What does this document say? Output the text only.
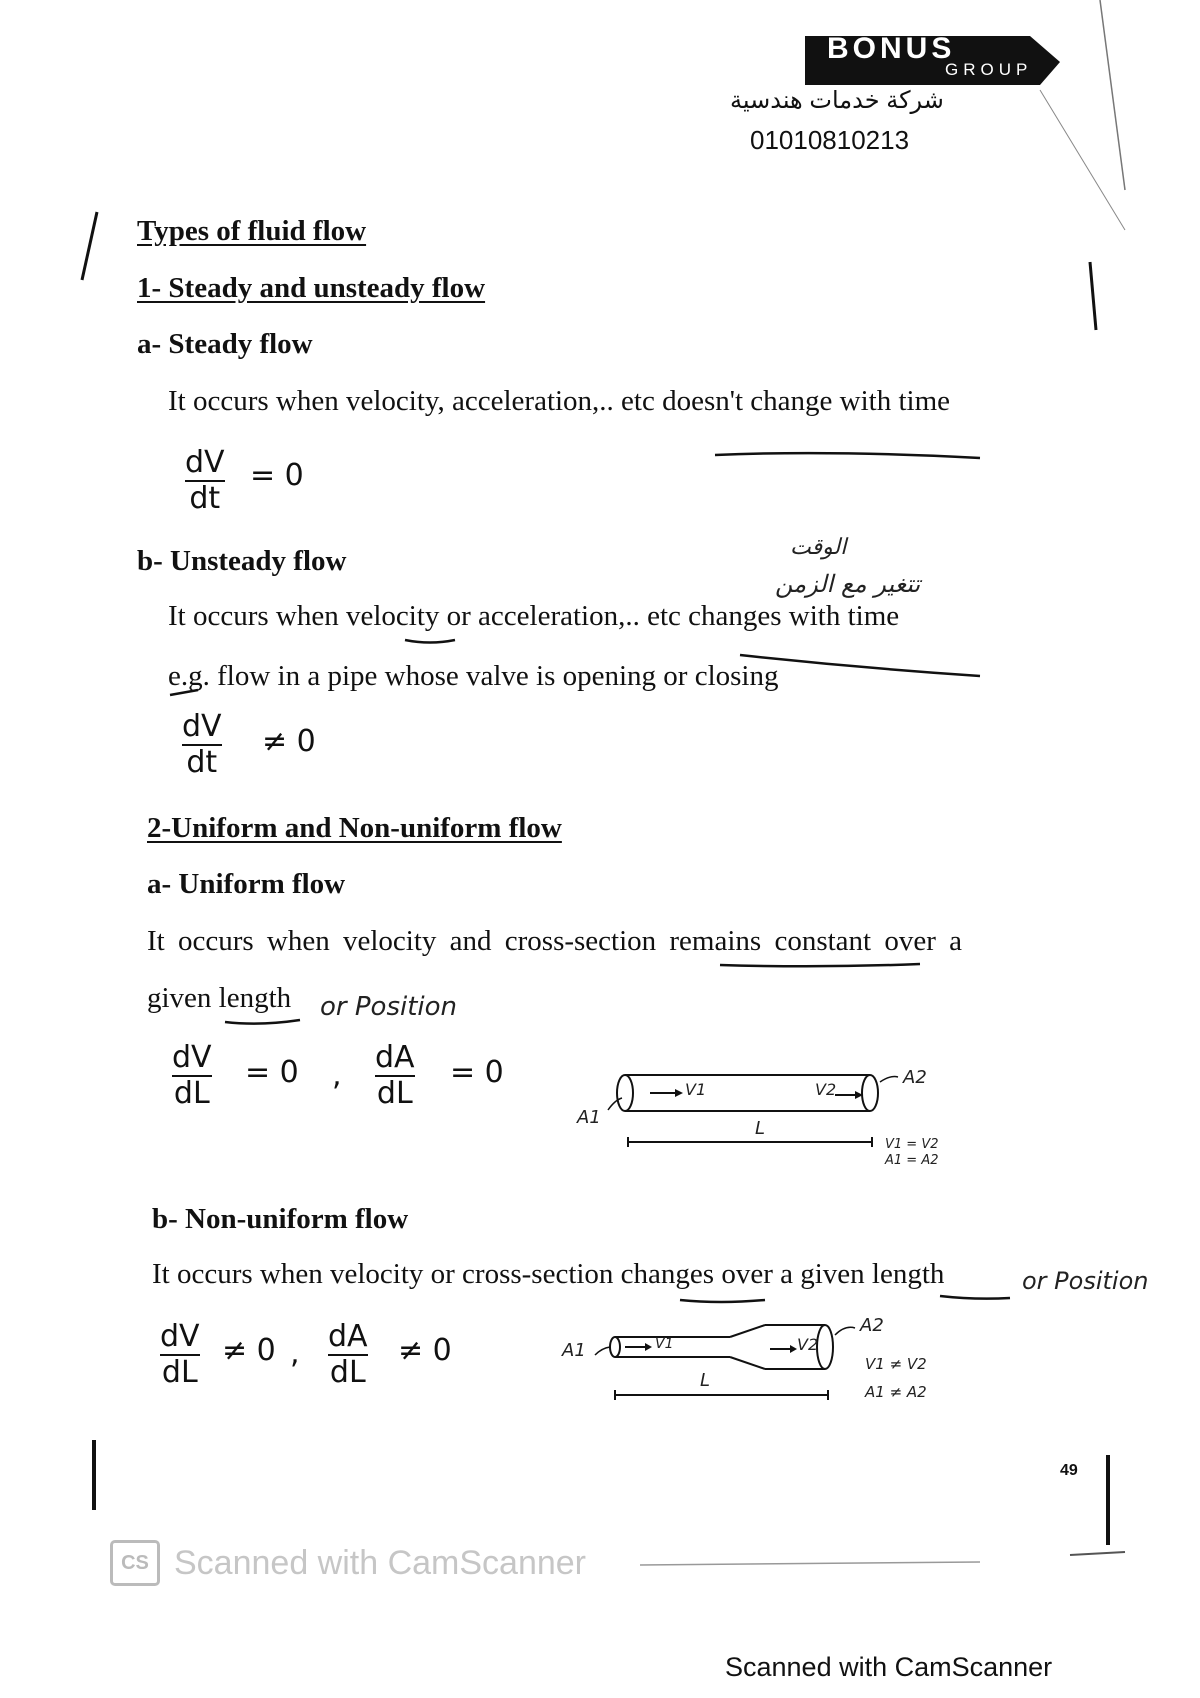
BONUS
GROUP
شركة خدمات هندسية
01010810213
Types of fluid flow
1- Steady and unsteady flow
a- Steady flow
It occurs when velocity, acceleration,.. etc doesn't change with time
dV
dt
= 0
b- Unsteady flow	الوقت
تتغير مع الزمن
It occurs when velocity or acceleration,.. etc changes with time
e.g. flow in a pipe whose valve is opening or closing
dV
dt
≠ 0
2-Uniform and Non-uniform flow
a- Uniform flow
It occurs when velocity and cross-section remains constant over a
given length or Position
dV
dL
= 0 ,
dA
dL
= 0
A1
A2
V1	V2
L
V1 = V2
A1 = A2
b- Non-uniform flow
It occurs when velocity or cross-section changes over a given length	or Position
dV
dL
≠ 0 , dA
dL
≠ 0	A1
A2
V1	V2
L
V1 ≠ V2
A1 ≠ A2
49
CS Scanned with CamScanner
Scanned with CamScanner
